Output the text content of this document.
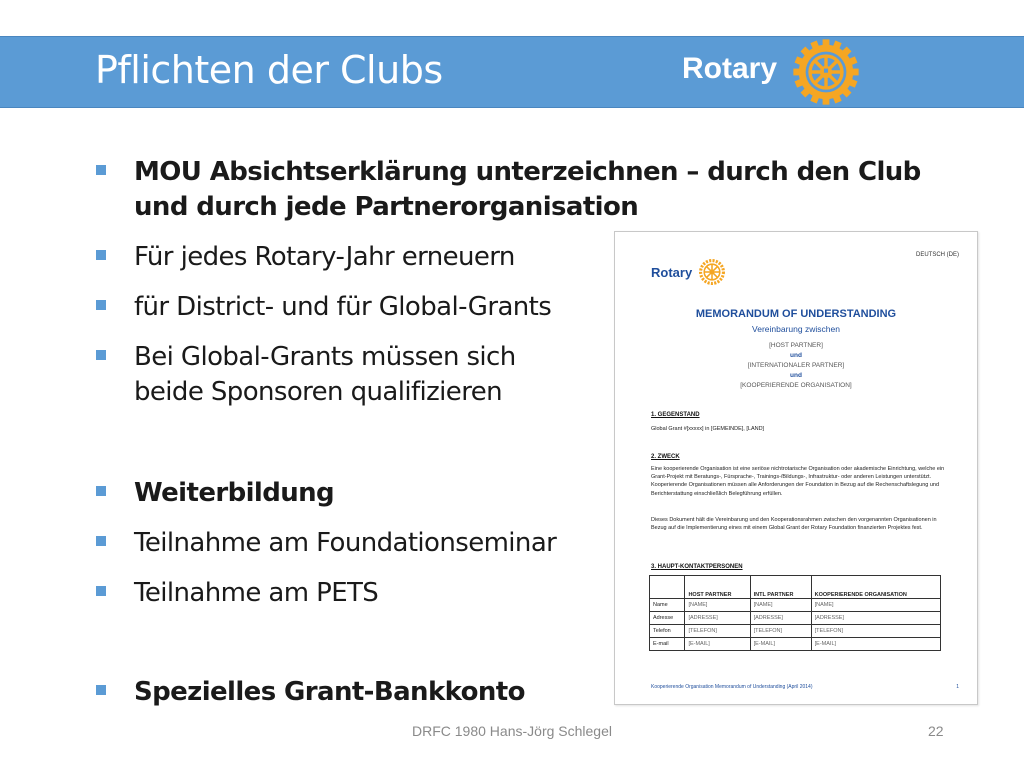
Pflichten der Clubs	Rotary
MOU Absichtserklärung unterzeichnen – durch den Club
und durch jede Partnerorganisation
Für jedes Rotary-Jahr erneuern
für District- und für Global-Grants
Bei Global-Grants müssen sich
beide Sponsoren qualifizieren
Weiterbildung
Teilnahme am Foundationseminar
Teilnahme am PETS
Spezielles Grant-Bankkonto
DEUTSCH (DE)
Rotary
MEMORANDUM OF UNDERSTANDING
Vereinbarung zwischen
[HOST PARTNER]
und
[INTERNATIONALER PARTNER]
und
[KOOPERIERENDE ORGANISATION]
1. GEGENSTAND
Global Grant #[xxxxx] in [GEMEINDE], [LAND]
2. ZWECK
Eine kooperierende Organisation ist eine seriöse nichtrotarische Organisation oder akademische Einrichtung, welche ein Grant-Projekt mit Beratungs-, Fürsprache-, Trainings-/Bildungs-, Infrastruktur- oder anderen Leistungen unterstützt. Kooperierende Organisationen müssen alle Anforderungen der Foundation in Bezug auf die Rechenschaftslegung und Berichterstattung einschließlich Belegführung erfüllen.
Dieses Dokument hält die Vereinbarung und den Kooperationsrahmen zwischen den vorgenannten Organisationen in Bezug auf die Implementierung eines mit einem Global Grant der Rotary Foundation finanzierten Projektes fest.
3. HAUPT-KONTAKTPERSONEN
	HOST PARTNER	INTL PARTNER	KOOPERIERENDE ORGANISATION
Name	[NAME]	[NAME]	[NAME]
Adresse	[ADRESSE]	[ADRESSE]	[ADRESSE]
Telefon	[TELEFON]	[TELEFON]	[TELEFON]
E-mail	[E-MAIL]	[E-MAIL]	[E-MAIL]
Kooperierende Organisation Memorandum of Understanding (April 2014)	1
DRFC 1980 Hans-Jörg Schlegel	22
